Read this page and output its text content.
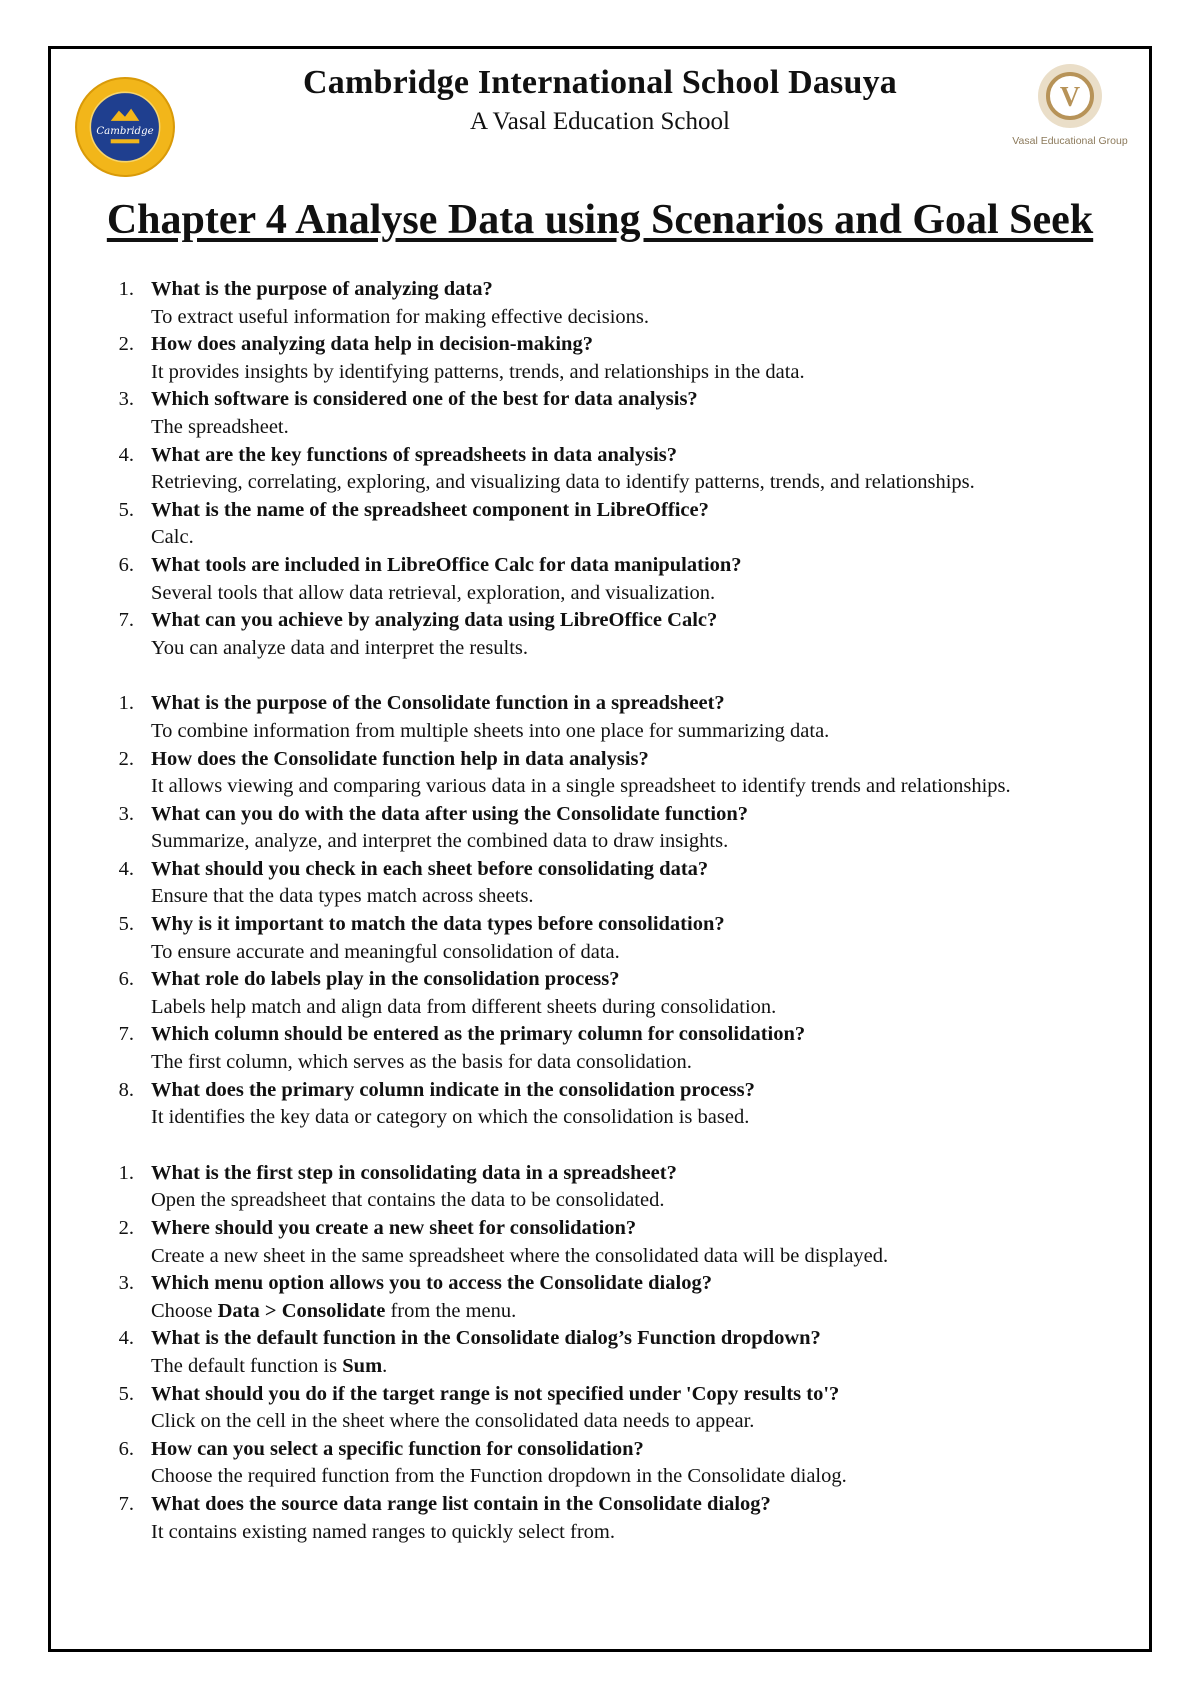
Cambridge
V
Vasal Educational Group
Cambridge International School Dasuya
A Vasal Education School
Chapter 4 Analyse Data using Scenarios and Goal Seek
1. What is the purpose of analyzing data?
To extract useful information for making effective decisions.
2. How does analyzing data help in decision-making?
It provides insights by identifying patterns, trends, and relationships in the data.
3. Which software is considered one of the best for data analysis?
The spreadsheet.
4. What are the key functions of spreadsheets in data analysis?
Retrieving, correlating, exploring, and visualizing data to identify patterns, trends, and relationships.
5. What is the name of the spreadsheet component in LibreOffice?
Calc.
6. What tools are included in LibreOffice Calc for data manipulation?
Several tools that allow data retrieval, exploration, and visualization.
7. What can you achieve by analyzing data using LibreOffice Calc?
You can analyze data and interpret the results.
1. What is the purpose of the Consolidate function in a spreadsheet?
To combine information from multiple sheets into one place for summarizing data.
2. How does the Consolidate function help in data analysis?
It allows viewing and comparing various data in a single spreadsheet to identify trends and relationships.
3. What can you do with the data after using the Consolidate function?
Summarize, analyze, and interpret the combined data to draw insights.
4. What should you check in each sheet before consolidating data?
Ensure that the data types match across sheets.
5. Why is it important to match the data types before consolidation?
To ensure accurate and meaningful consolidation of data.
6. What role do labels play in the consolidation process?
Labels help match and align data from different sheets during consolidation.
7. Which column should be entered as the primary column for consolidation?
The first column, which serves as the basis for data consolidation.
8. What does the primary column indicate in the consolidation process?
It identifies the key data or category on which the consolidation is based.
1. What is the first step in consolidating data in a spreadsheet?
Open the spreadsheet that contains the data to be consolidated.
2. Where should you create a new sheet for consolidation?
Create a new sheet in the same spreadsheet where the consolidated data will be displayed.
3. Which menu option allows you to access the Consolidate dialog?
Choose Data > Consolidate from the menu.
4. What is the default function in the Consolidate dialog’s Function dropdown?
The default function is Sum.
5. What should you do if the target range is not specified under 'Copy results to'?
Click on the cell in the sheet where the consolidated data needs to appear.
6. How can you select a specific function for consolidation?
Choose the required function from the Function dropdown in the Consolidate dialog.
7. What does the source data range list contain in the Consolidate dialog?
It contains existing named ranges to quickly select from.
